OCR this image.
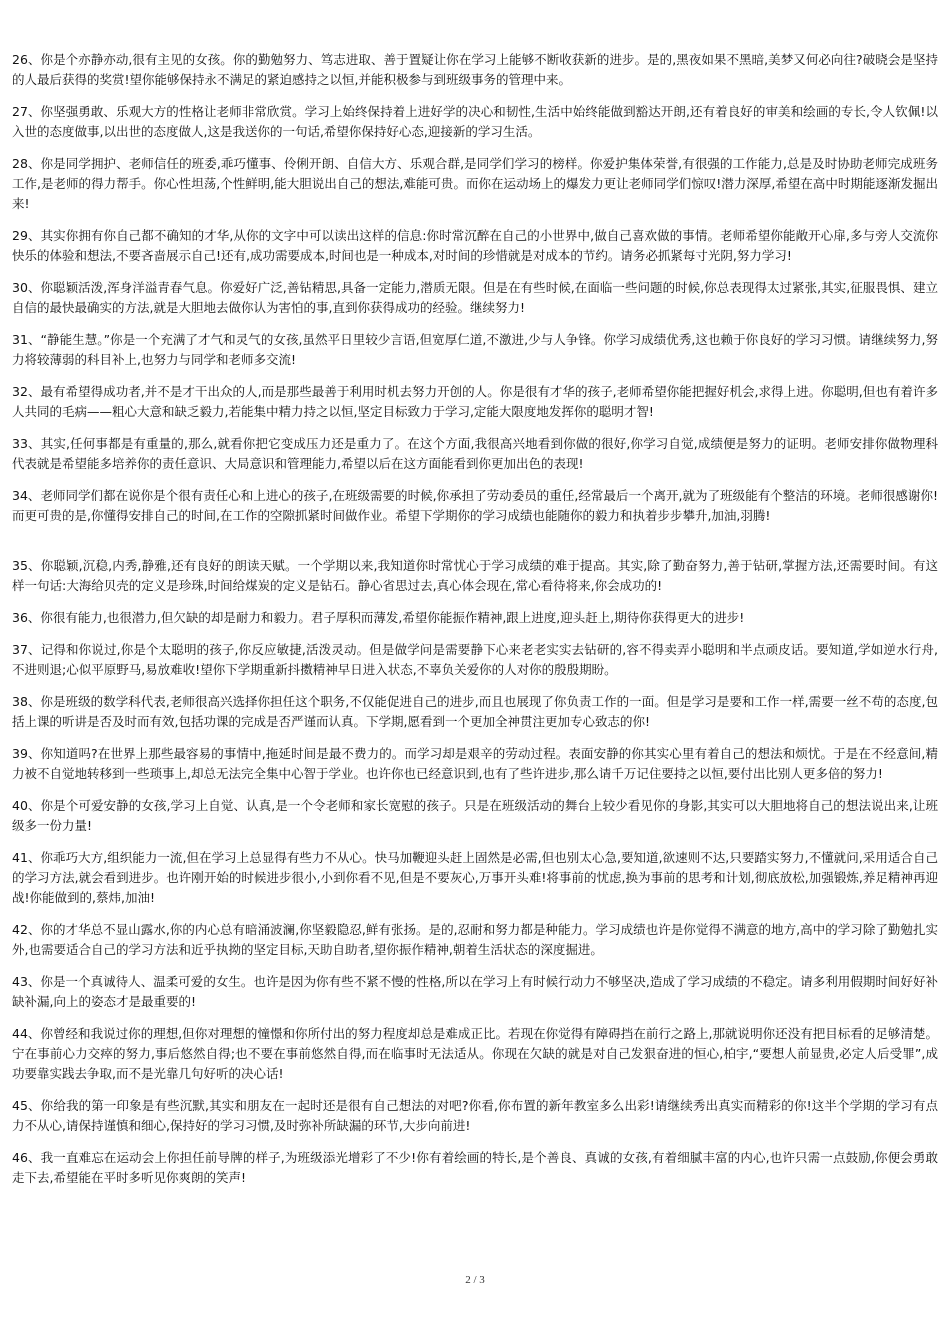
26、你是个亦静亦动,很有主见的女孩。你的勤勉努力、笃志进取、善于置疑让你在学习上能够不断收获新的进步。是的,黑夜如果不黑暗,美梦又何必向往?破晓会是坚持的人最后获得的奖赏!望你能够保持永不满足的紧迫感持之以恒,并能积极参与到班级事务的管理中来。

27、你坚强勇敢、乐观大方的性格让老师非常欣赏。学习上始终保持着上进好学的决心和韧性,生活中始终能做到豁达开朗,还有着良好的审美和绘画的专长,令人钦佩!以入世的态度做事,以出世的态度做人,这是我送你的一句话,希望你保持好心态,迎接新的学习生活。

28、你是同学拥护、老师信任的班委,乖巧懂事、伶俐开朗、自信大方、乐观合群,是同学们学习的榜样。你爱护集体荣誉,有很强的工作能力,总是及时协助老师完成班务工作,是老师的得力帮手。你心性坦荡,个性鲜明,能大胆说出自己的想法,难能可贵。而你在运动场上的爆发力更让老师同学们惊叹!潜力深厚,希望在高中时期能逐渐发掘出来!

29、其实你拥有你自己都不确知的才华,从你的文字中可以读出这样的信息:你时常沉醉在自己的小世界中,做自己喜欢做的事情。老师希望你能敞开心扉,多与旁人交流你快乐的体验和想法,不要吝啬展示自己!还有,成功需要成本,时间也是一种成本,对时间的珍惜就是对成本的节约。请务必抓紧每寸光阴,努力学习!

30、你聪颖活泼,浑身洋溢青春气息。你爱好广泛,善钻精思,具备一定能力,潜质无限。但是在有些时候,在面临一些问题的时候,你总表现得太过紧张,其实,征服畏惧、建立自信的最快最确实的方法,就是大胆地去做你认为害怕的事,直到你获得成功的经验。继续努力!

31、“静能生慧。”你是一个充满了才气和灵气的女孩,虽然平日里较少言语,但宽厚仁道,不激进,少与人争锋。你学习成绩优秀,这也赖于你良好的学习习惯。请继续努力,努力将较薄弱的科目补上,也努力与同学和老师多交流!

32、最有希望得成功者,并不是才干出众的人,而是那些最善于利用时机去努力开创的人。你是很有才华的孩子,老师希望你能把握好机会,求得上进。你聪明,但也有着许多人共同的毛病——粗心大意和缺乏毅力,若能集中精力持之以恒,坚定目标致力于学习,定能大限度地发挥你的聪明才智!

33、其实,任何事都是有重量的,那么,就看你把它变成压力还是重力了。在这个方面,我很高兴地看到你做的很好,你学习自觉,成绩便是努力的证明。老师安排你做物理科代表就是希望能多培养你的责任意识、大局意识和管理能力,希望以后在这方面能看到你更加出色的表现!

34、老师同学们都在说你是个很有责任心和上进心的孩子,在班级需要的时候,你承担了劳动委员的重任,经常最后一个离开,就为了班级能有个整洁的环境。老师很感谢你!而更可贵的是,你懂得安排自己的时间,在工作的空隙抓紧时间做作业。希望下学期你的学习成绩也能随你的毅力和执着步步攀升,加油,羽腾!

35、你聪颖,沉稳,内秀,静雅,还有良好的朗读天赋。一个学期以来,我知道你时常忧心于学习成绩的难于提高。其实,除了勤奋努力,善于钻研,掌握方法,还需要时间。有这样一句话:大海给贝壳的定义是珍珠,时间给煤炭的定义是钻石。静心省思过去,真心体会现在,常心看待将来,你会成功的!

36、你很有能力,也很潜力,但欠缺的却是耐力和毅力。君子厚积而薄发,希望你能振作精神,跟上进度,迎头赶上,期待你获得更大的进步!

37、记得和你说过,你是个太聪明的孩子,你反应敏捷,活泼灵动。但是做学问是需要静下心来老老实实去钻研的,容不得卖弄小聪明和半点顽皮话。要知道,学如逆水行舟,不进则退;心似平原野马,易放难收!望你下学期重新抖擞精神早日进入状态,不辜负关爱你的人对你的殷殷期盼。

38、你是班级的数学科代表,老师很高兴选择你担任这个职务,不仅能促进自己的进步,而且也展现了你负责工作的一面。但是学习是要和工作一样,需要一丝不苟的态度,包括上课的听讲是否及时而有效,包括功课的完成是否严谨而认真。下学期,愿看到一个更加全神贯注更加专心致志的你!

39、你知道吗?在世界上那些最容易的事情中,拖延时间是最不费力的。而学习却是艰辛的劳动过程。表面安静的你其实心里有着自己的想法和烦忧。于是在不经意间,精力被不自觉地转移到一些琐事上,却总无法完全集中心智于学业。也许你也已经意识到,也有了些许进步,那么请千万记住要持之以恒,要付出比别人更多倍的努力!

40、你是个可爱安静的女孩,学习上自觉、认真,是一个令老师和家长宽慰的孩子。只是在班级活动的舞台上较少看见你的身影,其实可以大胆地将自己的想法说出来,让班级多一份力量!

41、你乖巧大方,组织能力一流,但在学习上总显得有些力不从心。快马加鞭迎头赶上固然是必需,但也别太心急,要知道,欲速则不达,只要踏实努力,不懂就问,采用适合自己的学习方法,就会看到进步。也许刚开始的时候进步很小,小到你看不见,但是不要灰心,万事开头难!将事前的忧虑,换为事前的思考和计划,彻底放松,加强锻炼,养足精神再迎战!你能做到的,蔡炜,加油!

42、你的才华总不显山露水,你的内心总有暗涌波澜,你坚毅隐忍,鲜有张扬。是的,忍耐和努力都是种能力。学习成绩也许是你觉得不满意的地方,高中的学习除了勤勉扎实外,也需要适合自己的学习方法和近乎执拗的坚定目标,天助自助者,望你振作精神,朝着生活状态的深度掘进。

43、你是一个真诚待人、温柔可爱的女生。也许是因为你有些不紧不慢的性格,所以在学习上有时候行动力不够坚决,造成了学习成绩的不稳定。请多利用假期时间好好补缺补漏,向上的姿态才是最重要的!

44、你曾经和我说过你的理想,但你对理想的憧憬和你所付出的努力程度却总是难成正比。若现在你觉得有障碍挡在前行之路上,那就说明你还没有把目标看的足够清楚。宁在事前心力交瘁的努力,事后悠然自得;也不要在事前悠然自得,而在临事时无法适从。你现在欠缺的就是对自己发狠奋进的恒心,柏宇,“要想人前显贵,必定人后受罪”,成功要靠实践去争取,而不是光靠几句好听的决心话!

45、你给我的第一印象是有些沉默,其实和朋友在一起时还是很有自己想法的对吧?你看,你布置的新年教室多么出彩!请继续秀出真实而精彩的你!这半个学期的学习有点力不从心,请保持谨慎和细心,保持好的学习习惯,及时弥补所缺漏的环节,大步向前进!

46、我一直难忘在运动会上你担任前导牌的样子,为班级添光增彩了不少!你有着绘画的特长,是个善良、真诚的女孩,有着细腻丰富的内心,也许只需一点鼓励,你便会勇敢走下去,希望能在平时多听见你爽朗的笑声!

2 / 3
